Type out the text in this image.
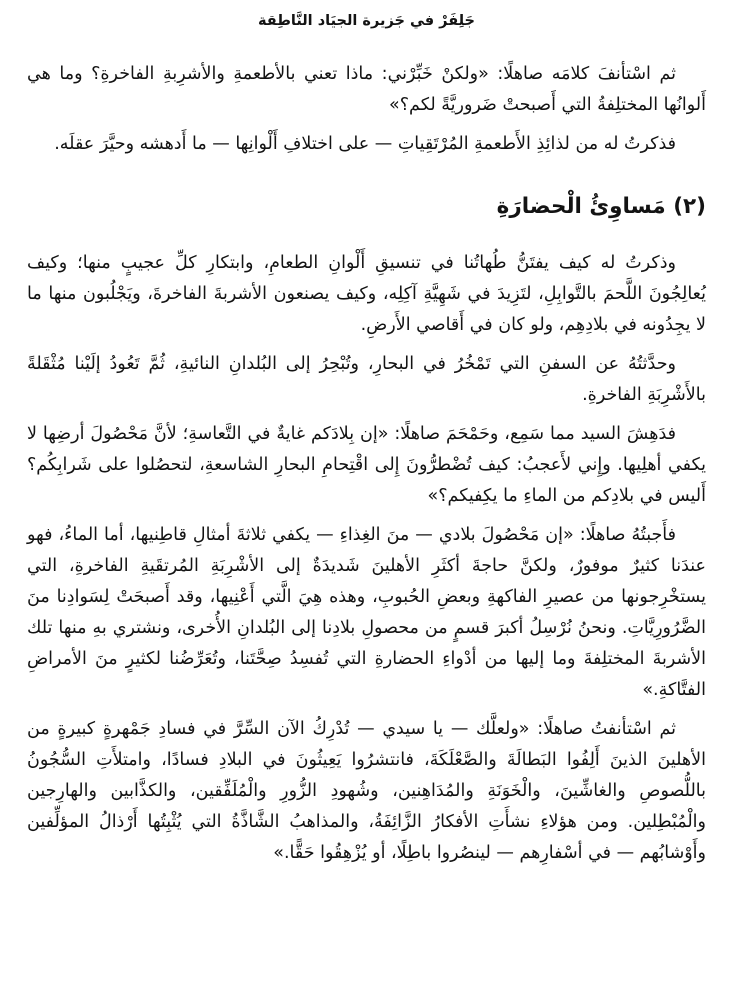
جَلِفَرْ في جَزيرة الجيَاد النَّاطِقة

ثم اسْتأنفَ كلامَه صاهلًا: «ولكنْ خَبِّرْني: ماذا تعني بالأطعمةِ والأشرِبةِ الفاخرةِ؟ وما هي أَلوانُها المختلِفةُ التي أَصبحتْ ضَروريَّةً لكم؟»

فذكرتُ له من لذائِذِ الأَطعمةِ المُرْتَقِياتِ — على اختلافِ أَلْوانِها — ما أَدهشه وحيَّرَ عقلَه.

(٢) مَساوِئُ الْحضارَةِ

وذكرتُ له كيف يفتَنُّ طُهاتُنا في تنسيقِ أَلْوانِ الطعامِ، وابتكارِ كلِّ عجيبٍ منها؛ وكيف يُعالِجُونَ اللَّحمَ بالتَّوابِلِ، لتَزِيدَ في شَهِيَّةِ آكِلِه، وكيف يصنعون الأشربةَ الفاخرةَ، ويَجْلُبون منها ما لا يجِدُونه في بلادِهِم، ولو كان في أَقاصي الأَرضِ.

وحدَّثتُهُ عن السفنِ التي تَمْخُرُ في البحارِ، وتُبْحِرُ إلى البُلدانِ النائيةِ، ثُمَّ تَعُودُ إلَيْنا مُثْقَلةً بالأَشْرِبَةِ الفاخرةِ.

فدَهِشَ السيد مما سَمِع، وحَمْحَمَ صاهلًا: «إن بِلادَكم غايةٌ في التَّعاسةِ؛ لأنَّ مَحْصُولَ أرضِها لا يكفي أهلِيها. وإِني لأَعجبُ: كيف تُضْطرُّونَ إِلى اقْتِحامِ البحارِ الشاسعةِ، لتحصُلوا على شَرابِكُم؟ أَليس في بلادِكم من الماءِ ما يكِفيكم؟»

فأَجبتُهُ صاهلًا: «إن مَحْصُولَ بلادي — منَ الغِذاءِ — يكفي ثلاثةَ أمثالِ قاطِنيها، أما الماءُ، فهو عندَنا كثيرٌ موفورٌ، ولكنَّ حاجةَ أكثَرِ الأهلينَ شَديدَةٌ إلى الأشْرِبَةِ المُرتقَيةِ الفاخرةِ، التي يستخْرِجونها من عصيرِ الفاكهةِ وبعضِ الحُبوبِ، وهذه هِيَ الَّتي أَعْنِيها، وقد أَصبحَتْ لِسَوادِنا منَ الضَّرُورِيَّاتِ. ونحنُ نُرْسِلُ أكبرَ قسمٍ من محصولِ بلادِنا إلى البُلدانِ الأُخرى، ونشتري بهِ منها تلك الأشربةَ المختلِفةَ وما إليها من أدْواءِ الحضارةِ التي تُفسِدُ صِحَّتَنا، وتُعَرِّضُنا لكثيرٍ منَ الأمراضِ الفتَّاكةِ.»

ثم اسْتأنفتُ صاهلًا: «ولعلَّك — يا سيدي — تُدْرِكُ الآن السِّرَّ في فسادِ جَمْهرةٍ كبيرةٍ من الأهلينَ الذينَ أَلِفُوا البَطالَةَ والصَّعْلَكَةَ، فانتشرُوا يَعِيثُونَ في البلادِ فسادًا، وامتلأَتِ السُّجُونُ باللُّصوصِ والغاشِّينَ، والْخَوَنَةِ والمُدَاهِنين، وشُهودِ الزُّورِ والْمُلَفِّقين، والكذَّابين والهارِجين والْمُبْطِلين. ومن هؤلاءِ نشأَتِ الأفكارُ الزَّائِفَةُ، والمذاهبُ الشَّاذَّةُ التي يُثْبِتُها أَرْذالُ المؤلِّفين وأَوْشابُهم — في أسْفارِهم — لينصُروا باطِلًا، أو يُزْهِقُوا حَقًّا.»
